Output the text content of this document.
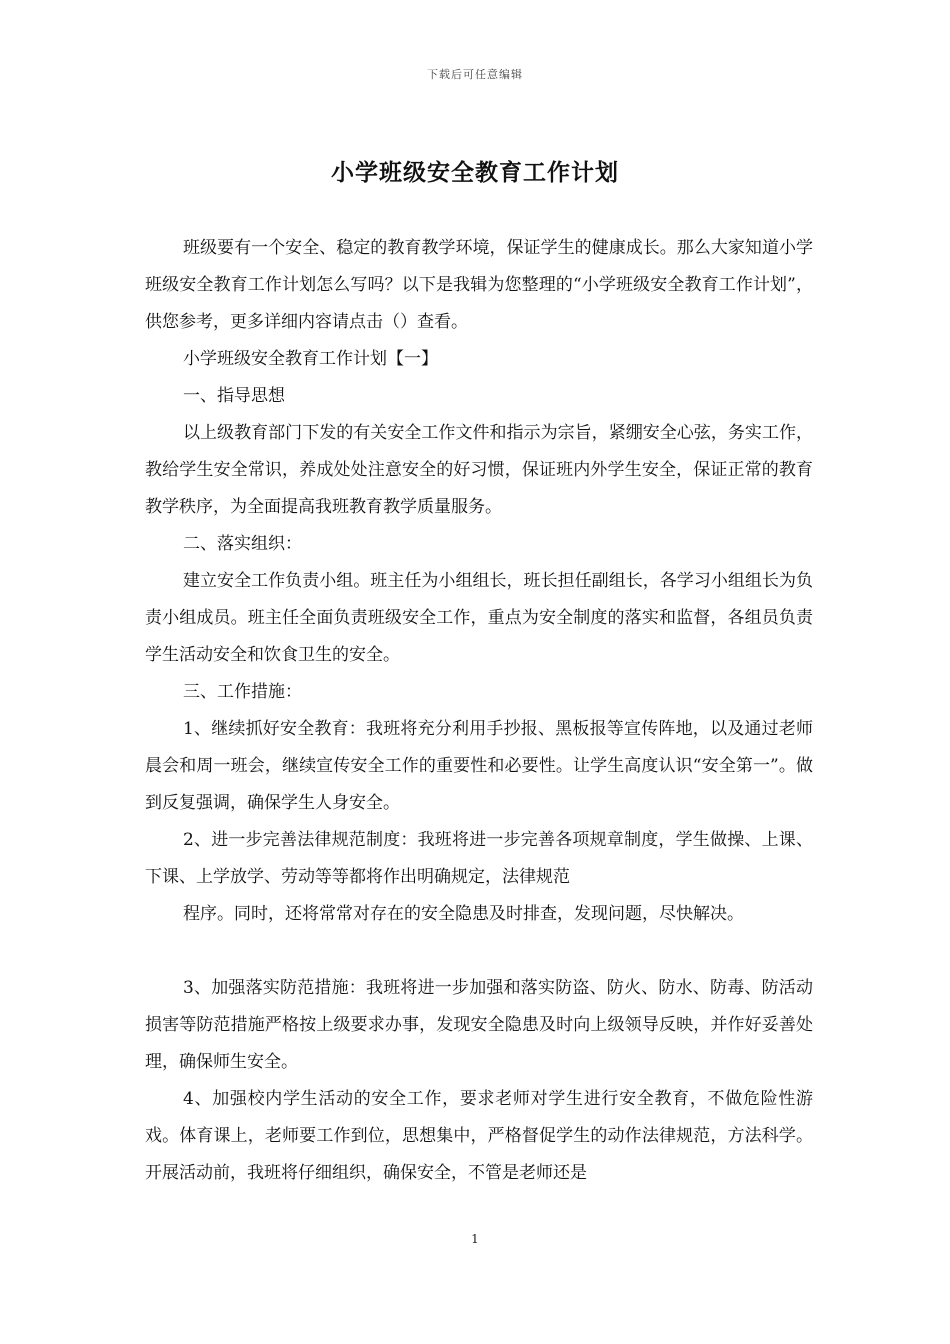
下载后可任意编辑
小学班级安全教育工作计划

班级要有一个安全、稳定的教育教学环境，保证学生的健康成长。那么大家知道小学班级安全教育工作计划怎么写吗？以下是我辑为您整理的“小学班级安全教育工作计划”，供您参考，更多详细内容请点击（）查看。

小学班级安全教育工作计划【一】

一、指导思想

以上级教育部门下发的有关安全工作文件和指示为宗旨，紧绷安全心弦，务实工作，教给学生安全常识，养成处处注意安全的好习惯，保证班内外学生安全，保证正常的教育教学秩序，为全面提高我班教育教学质量服务。

二、落实组织：

建立安全工作负责小组。班主任为小组组长，班长担任副组长，各学习小组组长为负责小组成员。班主任全面负责班级安全工作，重点为安全制度的落实和监督，各组员负责学生活动安全和饮食卫生的安全。

三、工作措施：

1、继续抓好安全教育：我班将充分利用手抄报、黑板报等宣传阵地，以及通过老师晨会和周一班会，继续宣传安全工作的重要性和必要性。让学生高度认识“安全第一”。做到反复强调，确保学生人身安全。

2、进一步完善法律规范制度：我班将进一步完善各项规章制度，学生做操、上课、下课、上学放学、劳动等等都将作出明确规定，法律规范

程序。同时，还将常常对存在的安全隐患及时排查，发现问题，尽快解决。

3、加强落实防范措施：我班将进一步加强和落实防盗、防火、防水、防毒、防活动损害等防范措施严格按上级要求办事，发现安全隐患及时向上级领导反映，并作好妥善处理，确保师生安全。

4、加强校内学生活动的安全工作，要求老师对学生进行安全教育，不做危险性游戏。体育课上，老师要工作到位，思想集中，严格督促学生的动作法律规范，方法科学。开展活动前，我班将仔细组织，确保安全，不管是老师还是

1
